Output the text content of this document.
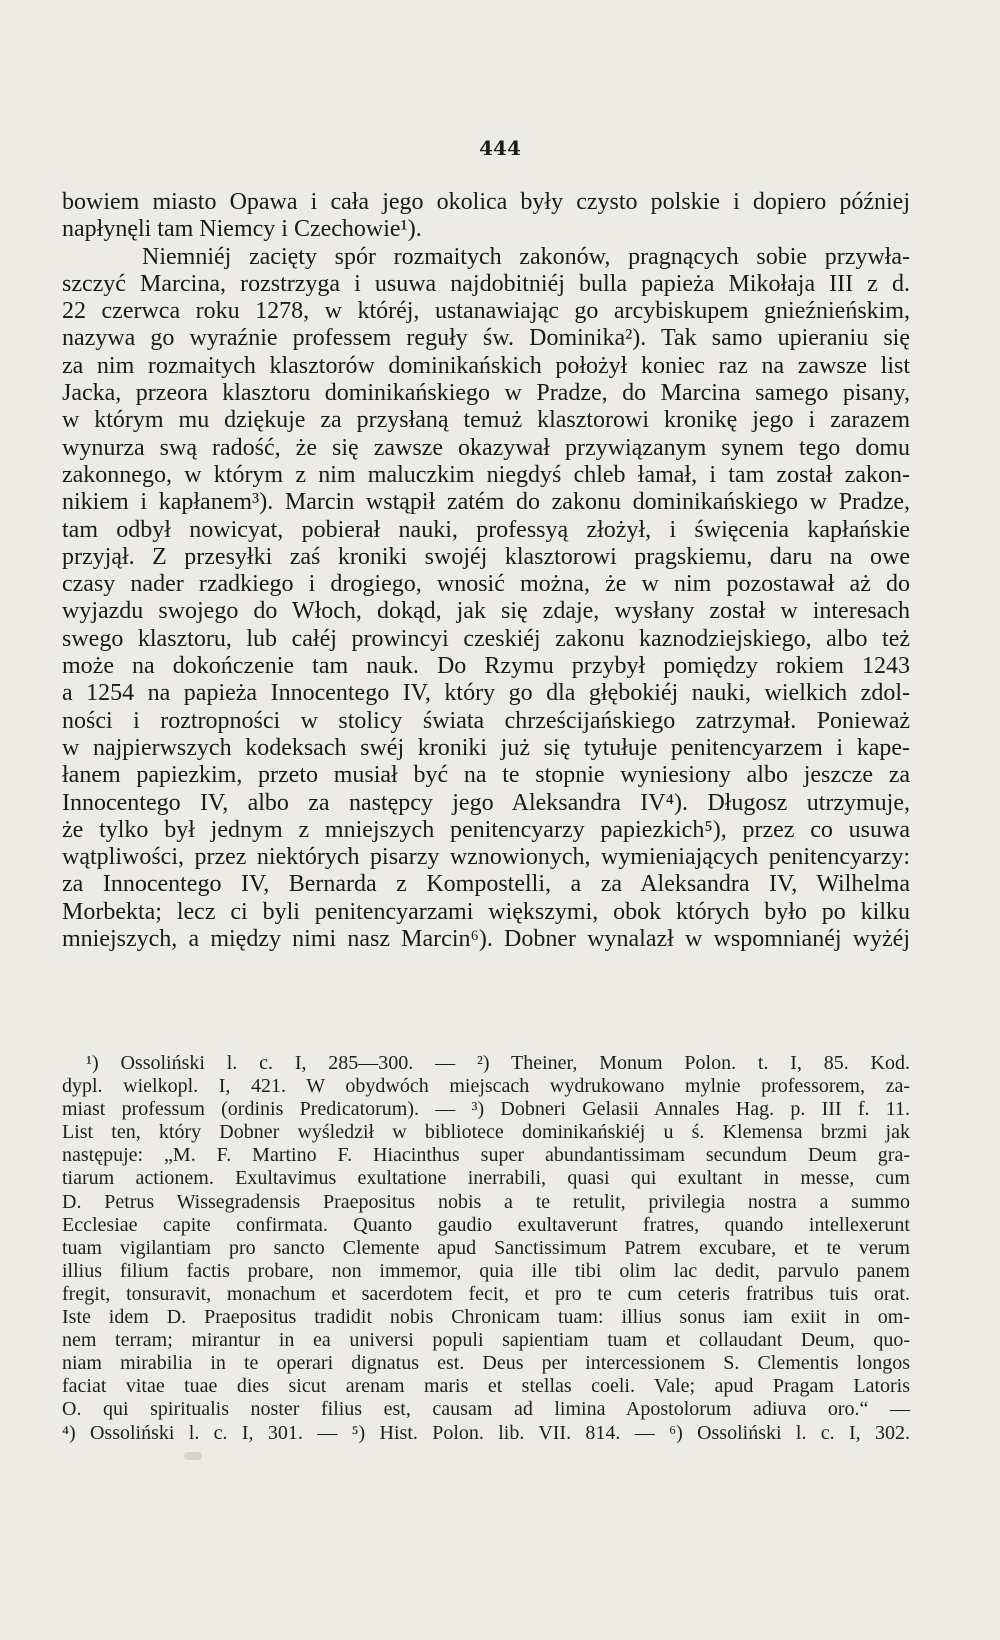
444
bowiem miasto Opawa i cała jego okolica były czysto polskie i dopiero później
napłynęli tam Niemcy i Czechowie¹).
Niemniéj zacięty spór rozmaitych zakonów, pragnących sobie przywła-
szczyć Marcina, rozstrzyga i usuwa najdobitniéj bulla papieża Mikołaja III z d.
22 czerwca roku 1278, w któréj, ustanawiając go arcybiskupem gnieźnieńskim,
nazywa go wyraźnie professem reguły św. Dominika²). Tak samo upieraniu się
za nim rozmaitych klasztorów dominikańskich położył koniec raz na zawsze list
Jacka, przeora klasztoru dominikańskiego w Pradze, do Marcina samego pisany,
w którym mu dziękuje za przysłaną temuż klasztorowi kronikę jego i zarazem
wynurza swą radość, że się zawsze okazywał przywiązanym synem tego domu
zakonnego, w którym z nim maluczkim niegdyś chleb łamał, i tam został zakon-
nikiem i kapłanem³). Marcin wstąpił zatém do zakonu dominikańskiego w Pradze,
tam odbył nowicyat, pobierał nauki, professyą złożył, i święcenia kapłańskie
przyjął. Z przesyłki zaś kroniki swojéj klasztorowi pragskiemu, daru na owe
czasy nader rzadkiego i drogiego, wnosić można, że w nim pozostawał aż do
wyjazdu swojego do Włoch, dokąd, jak się zdaje, wysłany został w interesach
swego klasztoru, lub całéj prowincyi czeskiéj zakonu kaznodziejskiego, albo też
może na dokończenie tam nauk. Do Rzymu przybył pomiędzy rokiem 1243
a 1254 na papieża Innocentego IV, który go dla głębokiéj nauki, wielkich zdol-
ności i roztropności w stolicy świata chrześcijańskiego zatrzymał. Ponieważ
w najpierwszych kodeksach swéj kroniki już się tytułuje penitencyarzem i kape-
łanem papiezkim, przeto musiał być na te stopnie wyniesiony albo jeszcze za
Innocentego IV, albo za następcy jego Aleksandra IV⁴). Długosz utrzymuje,
że tylko był jednym z mniejszych penitencyarzy papiezkich⁵), przez co usuwa
wątpliwości, przez niektórych pisarzy wznowionych, wymieniających penitencyarzy:
za Innocentego IV, Bernarda z Kompostelli, a za Aleksandra IV, Wilhelma
Morbekta; lecz ci byli penitencyarzami większymi, obok których było po kilku
mniejszych, a między nimi nasz Marcin⁶). Dobner wynalazł w wspomnianéj wyżéj
¹) Ossoliński l. c. I, 285—300. — ²) Theiner, Monum Polon. t. I, 85. Kod.
dypl. wielkopl. I, 421. W obydwóch miejscach wydrukowano mylnie professorem, za-
miast professum (ordinis Predicatorum). — ³) Dobneri Gelasii Annales Hag. p. III f. 11.
List ten, który Dobner wyśledził w bibliotece dominikańskiéj u ś. Klemensa brzmi jak
następuje: „M. F. Martino F. Hiacinthus super abundantissimam secundum Deum gra-
tiarum actionem. Exultavimus exultatione inerrabili, quasi qui exultant in messe, cum
D. Petrus Wissegradensis Praepositus nobis a te retulit, privilegia nostra a summo
Ecclesiae capite confirmata. Quanto gaudio exultaverunt fratres, quando intellexerunt
tuam vigilantiam pro sancto Clemente apud Sanctissimum Patrem excubare, et te verum
illius filium factis probare, non immemor, quia ille tibi olim lac dedit, parvulo panem
fregit, tonsuravit, monachum et sacerdotem fecit, et pro te cum ceteris fratribus tuis orat.
Iste idem D. Praepositus tradidit nobis Chronicam tuam: illius sonus iam exiit in om-
nem terram; mirantur in ea universi populi sapientiam tuam et collaudant Deum, quo-
niam mirabilia in te operari dignatus est. Deus per intercessionem S. Clementis longos
faciat vitae tuae dies sicut arenam maris et stellas coeli. Vale; apud Pragam Latoris
O. qui spiritualis noster filius est, causam ad limina Apostolorum adiuva oro.“ —
⁴) Ossoliński l. c. I, 301. — ⁵) Hist. Polon. lib. VII. 814. — ⁶) Ossoliński l. c. I, 302.
